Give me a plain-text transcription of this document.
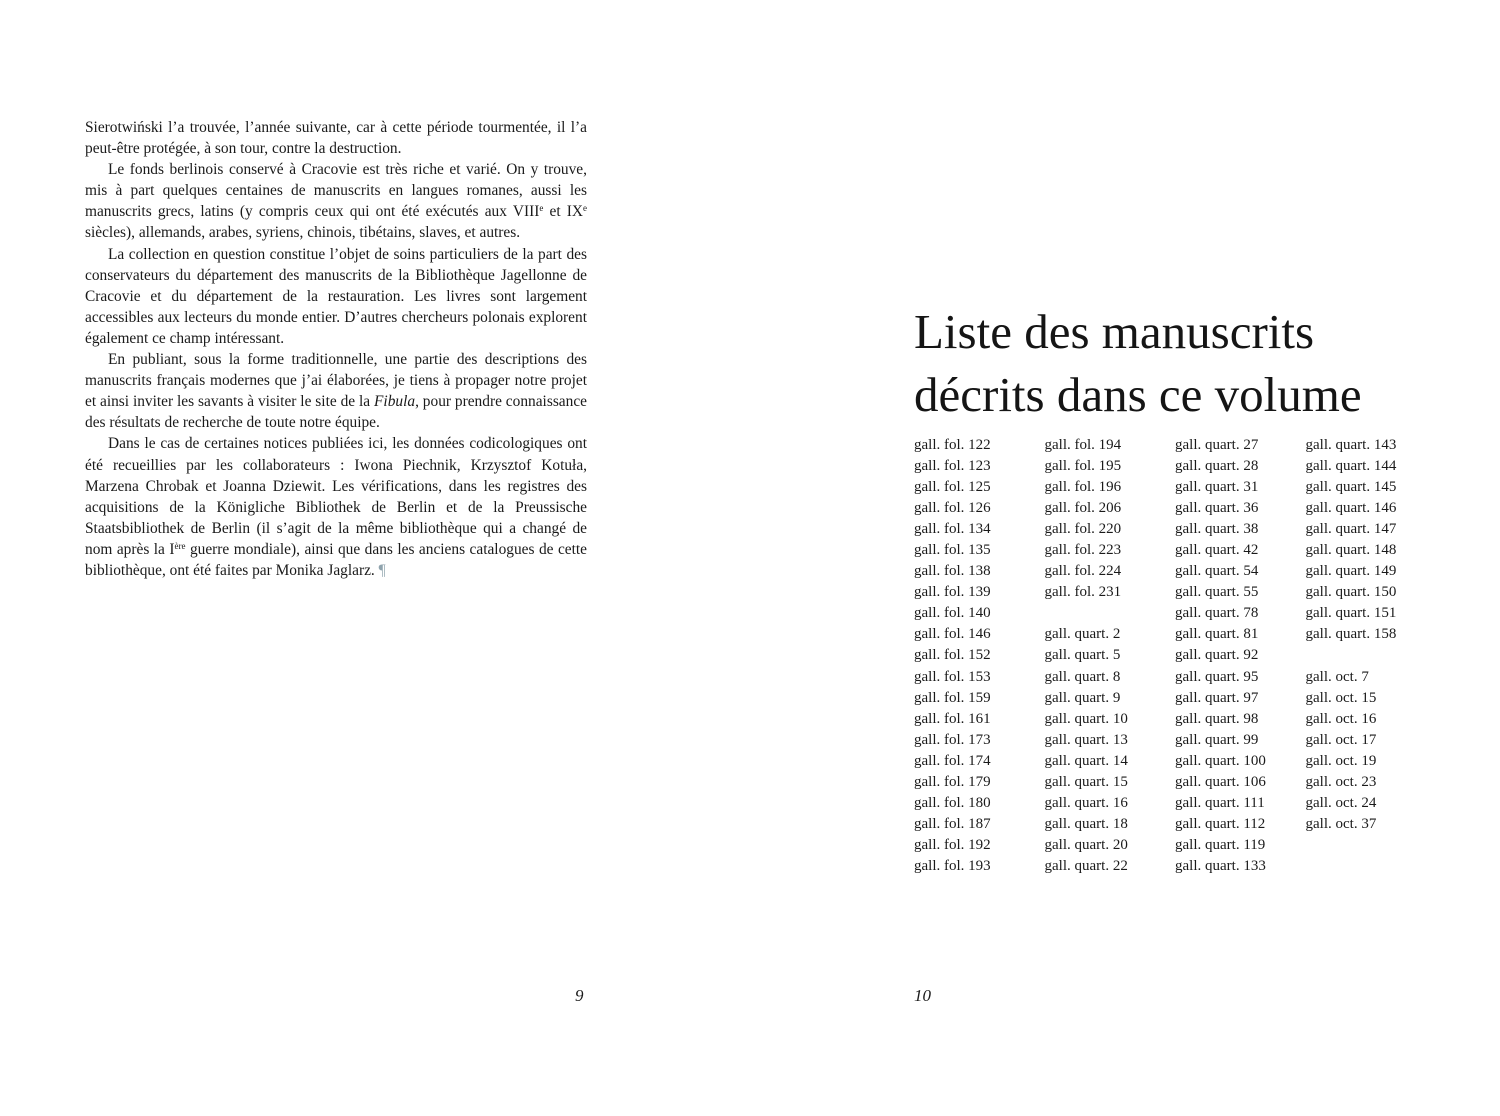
Sierotwiński l’a trouvée, l’année suivante, car à cette période tourmentée, il l’a peut-être protégée, à son tour, contre la destruction.

Le fonds berlinois conservé à Cracovie est très riche et varié. On y trouve, mis à part quelques centaines de manuscrits en langues romanes, aussi les manuscrits grecs, latins (y compris ceux qui ont été exécutés aux VIIIe et IXe siècles), allemands, arabes, syriens, chinois, tibétains, slaves, et autres.

La collection en question constitue l’objet de soins particuliers de la part des conservateurs du département des manuscrits de la Bibliothèque Jagellonne de Cracovie et du département de la restauration. Les livres sont largement accessibles aux lecteurs du monde entier. D’autres chercheurs polonais explorent également ce champ intéressant.

En publiant, sous la forme traditionnelle, une partie des descriptions des manuscrits français modernes que j’ai élaborées, je tiens à propager notre projet et ainsi inviter les savants à visiter le site de la Fibula, pour prendre connaissance des résultats de recherche de toute notre équipe.

Dans le cas de certaines notices publiées ici, les données codicologiques ont été recueillies par les collaborateurs : Iwona Piechnik, Krzysztof Kotuła, Marzena Chrobak et Joanna Dziewit. Les vérifications, dans les registres des acquisitions de la Königliche Bibliothek de Berlin et de la Preussische Staatsbibliothek de Berlin (il s’agit de la même bibliothèque qui a changé de nom après la Ière guerre mondiale), ainsi que dans les anciens catalogues de cette bibliothèque, ont été faites par Monika Jaglarz. ¶

9
Liste des manuscrits
décrits dans ce volume
gall. fol. 122
gall. fol. 123
gall. fol. 125
gall. fol. 126
gall. fol. 134
gall. fol. 135
gall. fol. 138
gall. fol. 139
gall. fol. 140
gall. fol. 146
gall. fol. 152
gall. fol. 153
gall. fol. 159
gall. fol. 161
gall. fol. 173
gall. fol. 174
gall. fol. 179
gall. fol. 180
gall. fol. 187
gall. fol. 192
gall. fol. 193
gall. fol. 194
gall. fol. 195
gall. fol. 196
gall. fol. 206
gall. fol. 220
gall. fol. 223
gall. fol. 224
gall. fol. 231
gall. quart. 2
gall. quart. 5
gall. quart. 8
gall. quart. 9
gall. quart. 10
gall. quart. 13
gall. quart. 14
gall. quart. 15
gall. quart. 16
gall. quart. 18
gall. quart. 20
gall. quart. 22
gall. quart. 27
gall. quart. 28
gall. quart. 31
gall. quart. 36
gall. quart. 38
gall. quart. 42
gall. quart. 54
gall. quart. 55
gall. quart. 78
gall. quart. 81
gall. quart. 92
gall. quart. 95
gall. quart. 97
gall. quart. 98
gall. quart. 99
gall. quart. 100
gall. quart. 106
gall. quart. 111
gall. quart. 112
gall. quart. 119
gall. quart. 133
gall. quart. 143
gall. quart. 144
gall. quart. 145
gall. quart. 146
gall. quart. 147
gall. quart. 148
gall. quart. 149
gall. quart. 150
gall. quart. 151
gall. quart. 158
gall. oct. 7
gall. oct. 15
gall. oct. 16
gall. oct. 17
gall. oct. 19
gall. oct. 23
gall. oct. 24
gall. oct. 37
10
